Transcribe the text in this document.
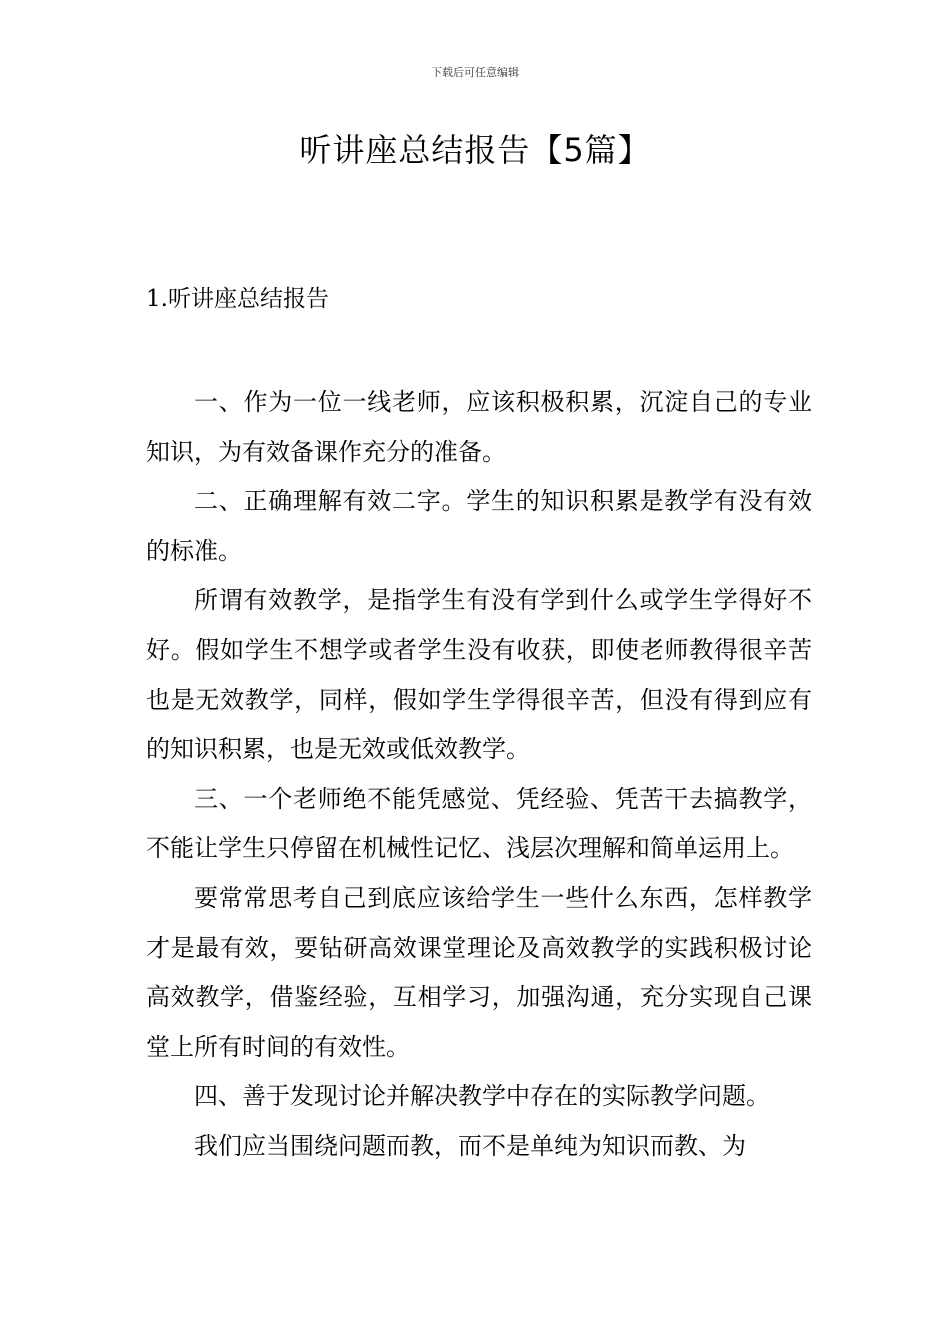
下载后可任意编辑
听讲座总结报告【5篇】
1.听讲座总结报告

一、作为一位一线老师，应该积极积累，沉淀自己的专业知识，为有效备课作充分的准备。

二、正确理解有效二字。学生的知识积累是教学有没有效的标准。

所谓有效教学，是指学生有没有学到什么或学生学得好不好。假如学生不想学或者学生没有收获，即使老师教得很辛苦也是无效教学，同样，假如学生学得很辛苦，但没有得到应有的知识积累，也是无效或低效教学。

三、一个老师绝不能凭感觉、凭经验、凭苦干去搞教学，不能让学生只停留在机械性记忆、浅层次理解和简单运用上。

要常常思考自己到底应该给学生一些什么东西，怎样教学才是最有效，要钻研高效课堂理论及高效教学的实践积极讨论高效教学，借鉴经验，互相学习，加强沟通，充分实现自己课堂上所有时间的有效性。

四、善于发现讨论并解决教学中存在的实际教学问题。

我们应当围绕问题而教，而不是单纯为知识而教、为
